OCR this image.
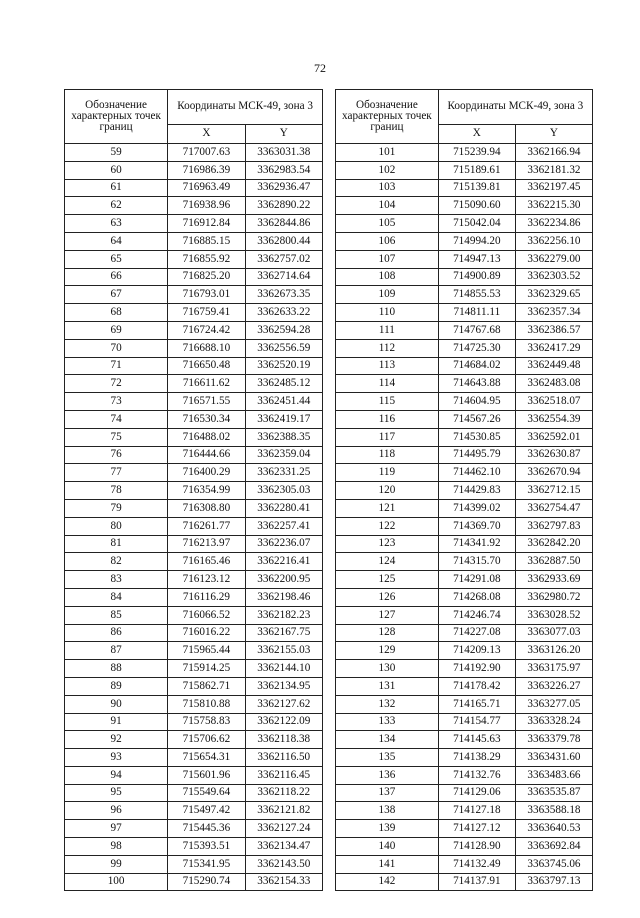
72
Обозначение характерных точек границ	Координаты МСК-49, зона 3	
	X	Y
59	717007.63	3363031.38
60	716986.39	3362983.54
61	716963.49	3362936.47
62	716938.96	3362890.22
63	716912.84	3362844.86
64	716885.15	3362800.44
65	716855.92	3362757.02
66	716825.20	3362714.64
67	716793.01	3362673.35
68	716759.41	3362633.22
69	716724.42	3362594.28
70	716688.10	3362556.59
71	716650.48	3362520.19
72	716611.62	3362485.12
73	716571.55	3362451.44
74	716530.34	3362419.17
75	716488.02	3362388.35
76	716444.66	3362359.04
77	716400.29	3362331.25
78	716354.99	3362305.03
79	716308.80	3362280.41
80	716261.77	3362257.41
81	716213.97	3362236.07
82	716165.46	3362216.41
83	716123.12	3362200.95
84	716116.29	3362198.46
85	716066.52	3362182.23
86	716016.22	3362167.75
87	715965.44	3362155.03
88	715914.25	3362144.10
89	715862.71	3362134.95
90	715810.88	3362127.62
91	715758.83	3362122.09
92	715706.62	3362118.38
93	715654.31	3362116.50
94	715601.96	3362116.45
95	715549.64	3362118.22
96	715497.42	3362121.82
97	715445.36	3362127.24
98	715393.51	3362134.47
99	715341.95	3362143.50
100	715290.74	3362154.33
Обозначение характерных точек границ	Координаты МСК-49, зона 3	
	X	Y
101	715239.94	3362166.94
102	715189.61	3362181.32
103	715139.81	3362197.45
104	715090.60	3362215.30
105	715042.04	3362234.86
106	714994.20	3362256.10
107	714947.13	3362279.00
108	714900.89	3362303.52
109	714855.53	3362329.65
110	714811.11	3362357.34
111	714767.68	3362386.57
112	714725.30	3362417.29
113	714684.02	3362449.48
114	714643.88	3362483.08
115	714604.95	3362518.07
116	714567.26	3362554.39
117	714530.85	3362592.01
118	714495.79	3362630.87
119	714462.10	3362670.94
120	714429.83	3362712.15
121	714399.02	3362754.47
122	714369.70	3362797.83
123	714341.92	3362842.20
124	714315.70	3362887.50
125	714291.08	3362933.69
126	714268.08	3362980.72
127	714246.74	3363028.52
128	714227.08	3363077.03
129	714209.13	3363126.20
130	714192.90	3363175.97
131	714178.42	3363226.27
132	714165.71	3363277.05
133	714154.77	3363328.24
134	714145.63	3363379.78
135	714138.29	3363431.60
136	714132.76	3363483.66
137	714129.06	3363535.87
138	714127.18	3363588.18
139	714127.12	3363640.53
140	714128.90	3363692.84
141	714132.49	3363745.06
142	714137.91	3363797.13
